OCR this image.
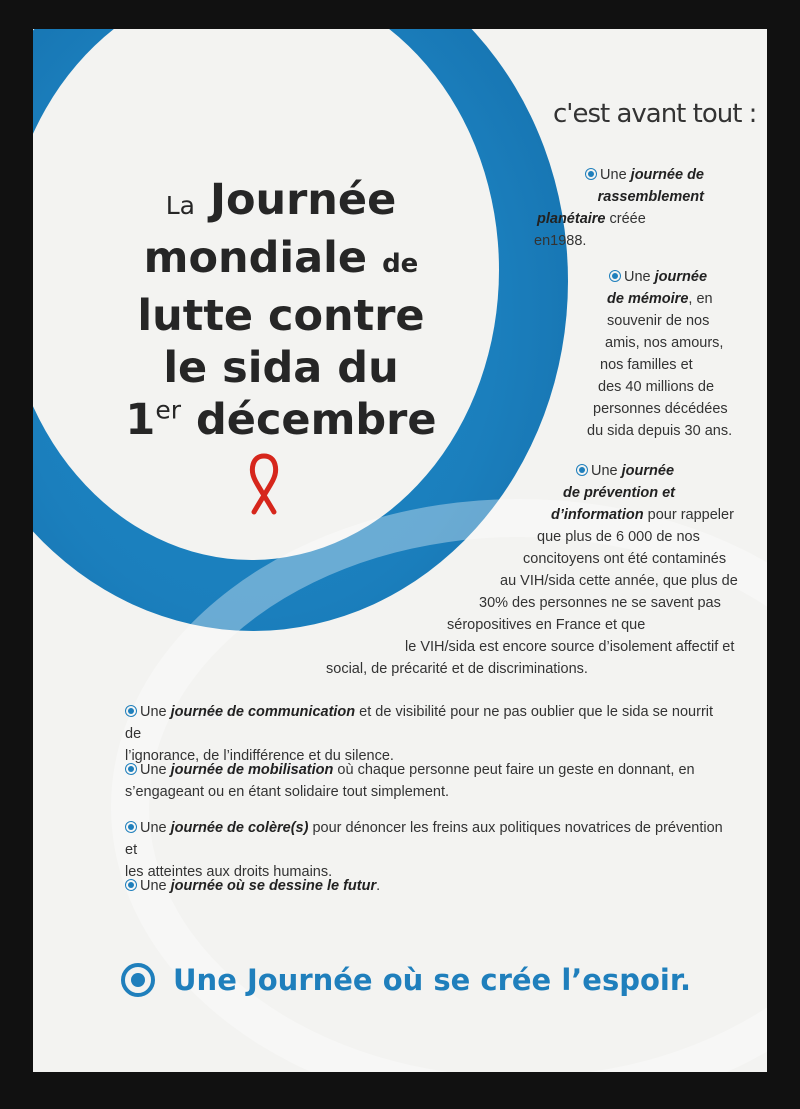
La Journée
mondiale de
lutte contre
le sida du
1er décembre
c'est avant tout :
Une journée de
rassemblement
planétaire créée
en1988.
Une journée
de mémoire, en
souvenir de nos
amis, nos amours,
nos familles et
des 40 millions de
personnes décédées
du sida depuis 30 ans.
Une journée
de prévention et
d’information pour rappeler
que plus de 6 000 de nos
concitoyens ont été contaminés
au VIH/sida cette année, que plus de
30% des personnes ne se savent pas
séropositives en France et que
le VIH/sida est encore source d’isolement affectif et
social, de précarité et de discriminations.
Une journée de communication et de visibilité pour ne pas oublier que le sida se nourrit de
l’ignorance, de l’indifférence et du silence.
Une journée de mobilisation où chaque personne peut faire un geste en donnant, en
s’engageant ou en étant solidaire tout simplement.
Une journée de colère(s) pour dénoncer les freins aux politiques novatrices de prévention et
les atteintes aux droits humains.
Une journée où se dessine le futur.
Une Journée où se crée l’espoir.
